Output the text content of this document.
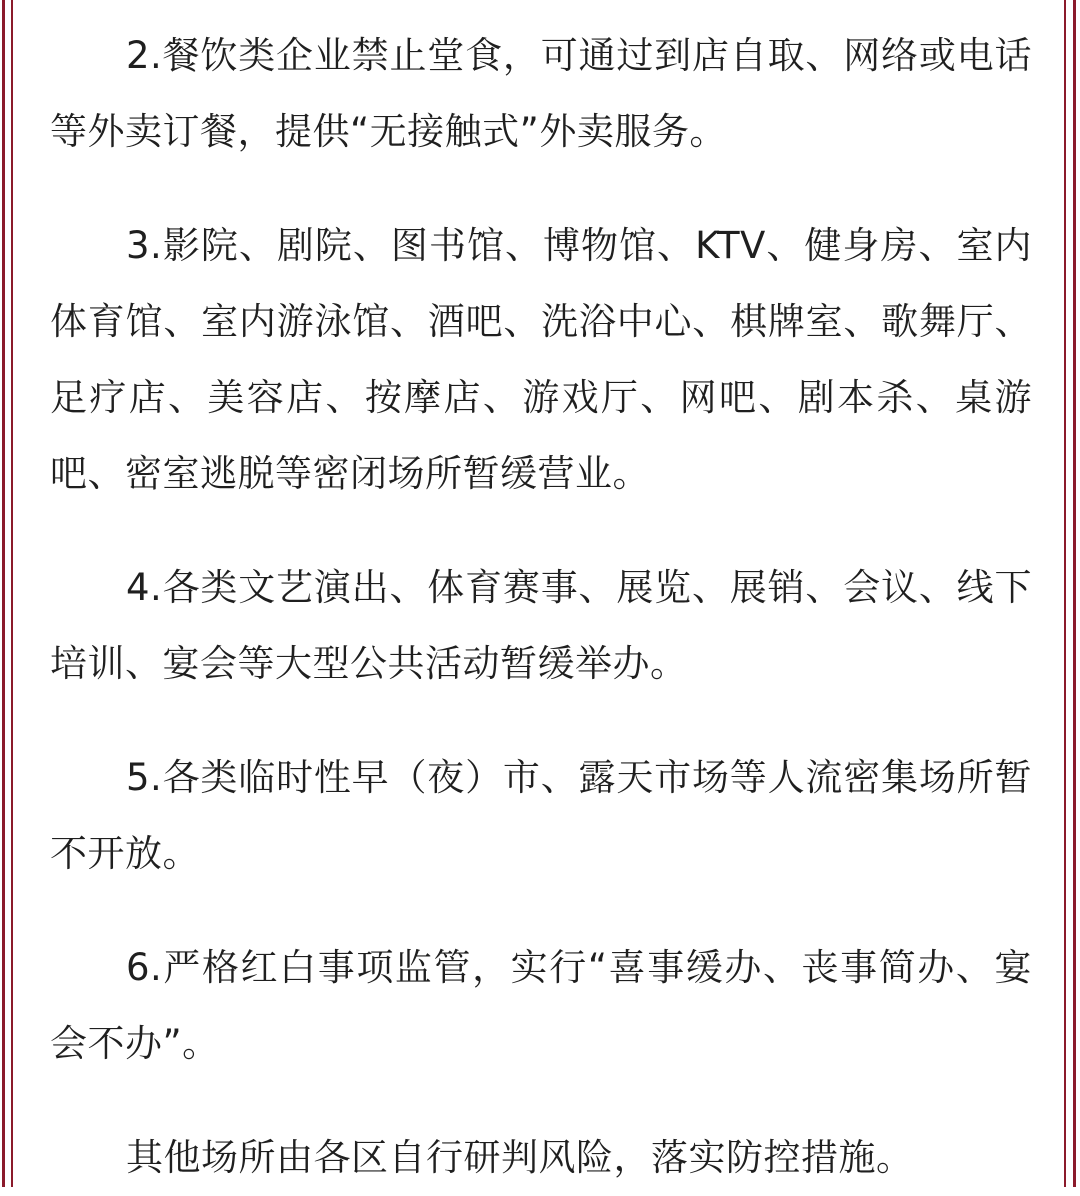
2.餐饮类企业禁止堂食，可通过到店自取、网络或电话等外卖订餐，提供“无接触式”外卖服务。

3.影院、剧院、图书馆、博物馆、KTV、健身房、室内体育馆、室内游泳馆、酒吧、洗浴中心、棋牌室、歌舞厅、足疗店、美容店、按摩店、游戏厅、网吧、剧本杀、桌游吧、密室逃脱等密闭场所暂缓营业。

4.各类文艺演出、体育赛事、展览、展销、会议、线下培训、宴会等大型公共活动暂缓举办。

5.各类临时性早（夜）市、露天市场等人流密集场所暂不开放。

6.严格红白事项监管，实行“喜事缓办、丧事简办、宴会不办”。

其他场所由各区自行研判风险，落实防控措施。
